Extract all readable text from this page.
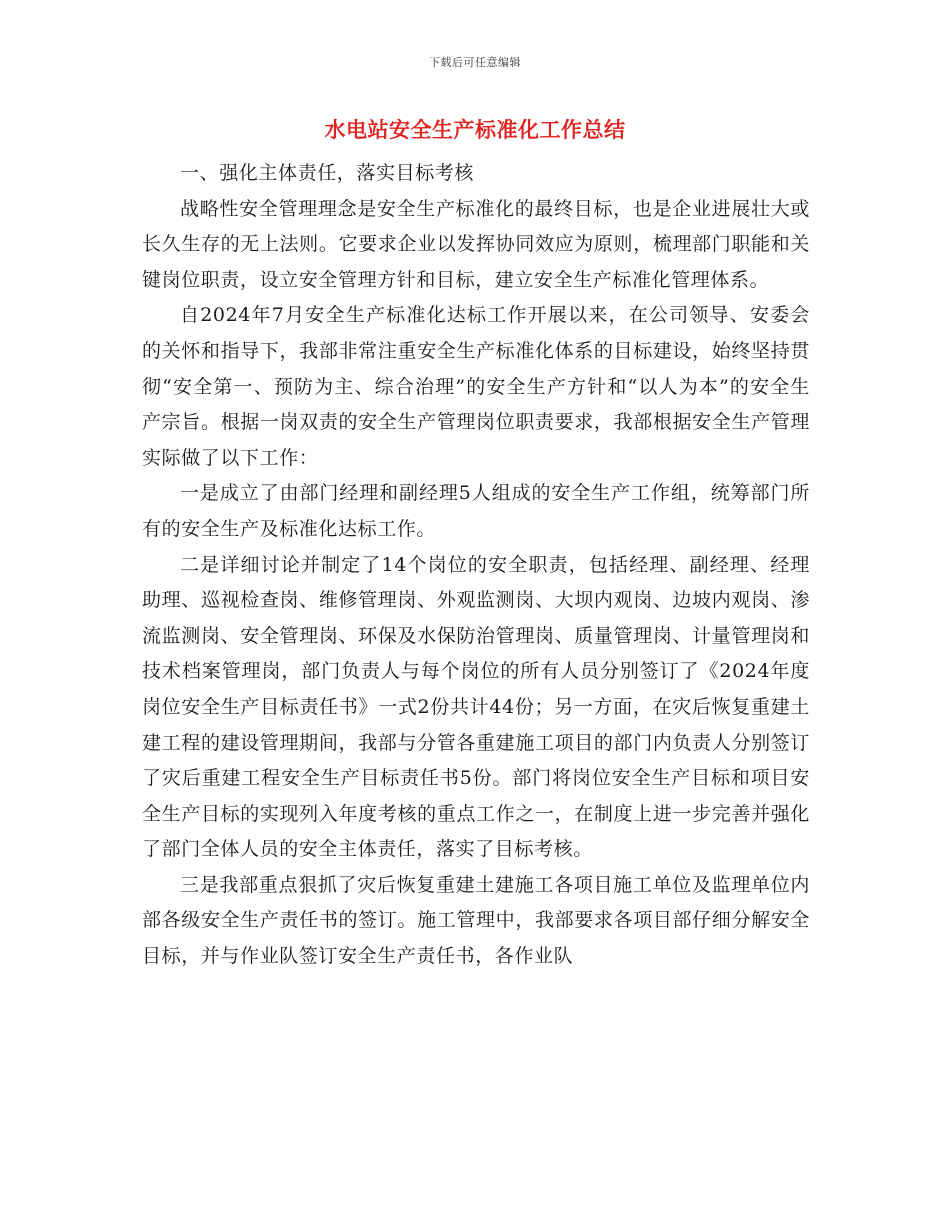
下载后可任意编辑
水电站安全生产标准化工作总结

一、强化主体责任，落实目标考核

战略性安全管理理念是安全生产标准化的最终目标，也是企业进展壮大或长久生存的无上法则。它要求企业以发挥协同效应为原则，梳理部门职能和关键岗位职责，设立安全管理方针和目标，建立安全生产标准化管理体系。

自2024年7月安全生产标准化达标工作开展以来，在公司领导、安委会的关怀和指导下，我部非常注重安全生产标准化体系的目标建设，始终坚持贯彻“安全第一、预防为主、综合治理”的安全生产方针和“以人为本”的安全生产宗旨。根据一岗双责的安全生产管理岗位职责要求，我部根据安全生产管理实际做了以下工作：

一是成立了由部门经理和副经理5人组成的安全生产工作组，统筹部门所有的安全生产及标准化达标工作。

二是详细讨论并制定了14个岗位的安全职责，包括经理、副经理、经理助理、巡视检查岗、维修管理岗、外观监测岗、大坝内观岗、边坡内观岗、渗流监测岗、安全管理岗、环保及水保防治管理岗、质量管理岗、计量管理岗和技术档案管理岗，部门负责人与每个岗位的所有人员分别签订了《2024年度岗位安全生产目标责任书》一式2份共计44份；另一方面，在灾后恢复重建土建工程的建设管理期间，我部与分管各重建施工项目的部门内负责人分别签订了灾后重建工程安全生产目标责任书5份。部门将岗位安全生产目标和项目安全生产目标的实现列入年度考核的重点工作之一，在制度上进一步完善并强化了部门全体人员的安全主体责任，落实了目标考核。

三是我部重点狠抓了灾后恢复重建土建施工各项目施工单位及监理单位内部各级安全生产责任书的签订。施工管理中，我部要求各项目部仔细分解安全目标，并与作业队签订安全生产责任书，各作业队
